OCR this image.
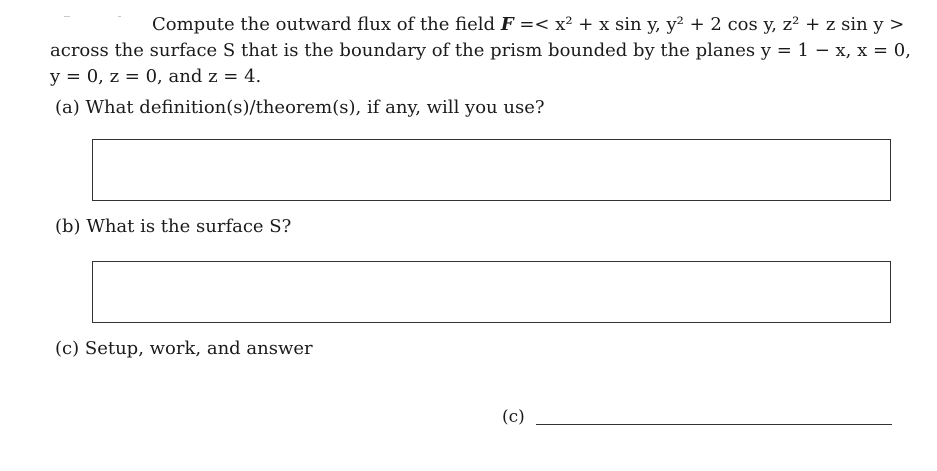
Compute the outward flux of the field F =< x² + x sin y, y² + 2 cos y, z² + z sin y >
across the surface S that is the boundary of the prism bounded by the planes y = 1 − x, x = 0,
y = 0, z = 0, and z = 4.
(a) What definition(s)/theorem(s), if any, will you use?
(b) What is the surface S?
(c) Setup, work, and answer
(c)
